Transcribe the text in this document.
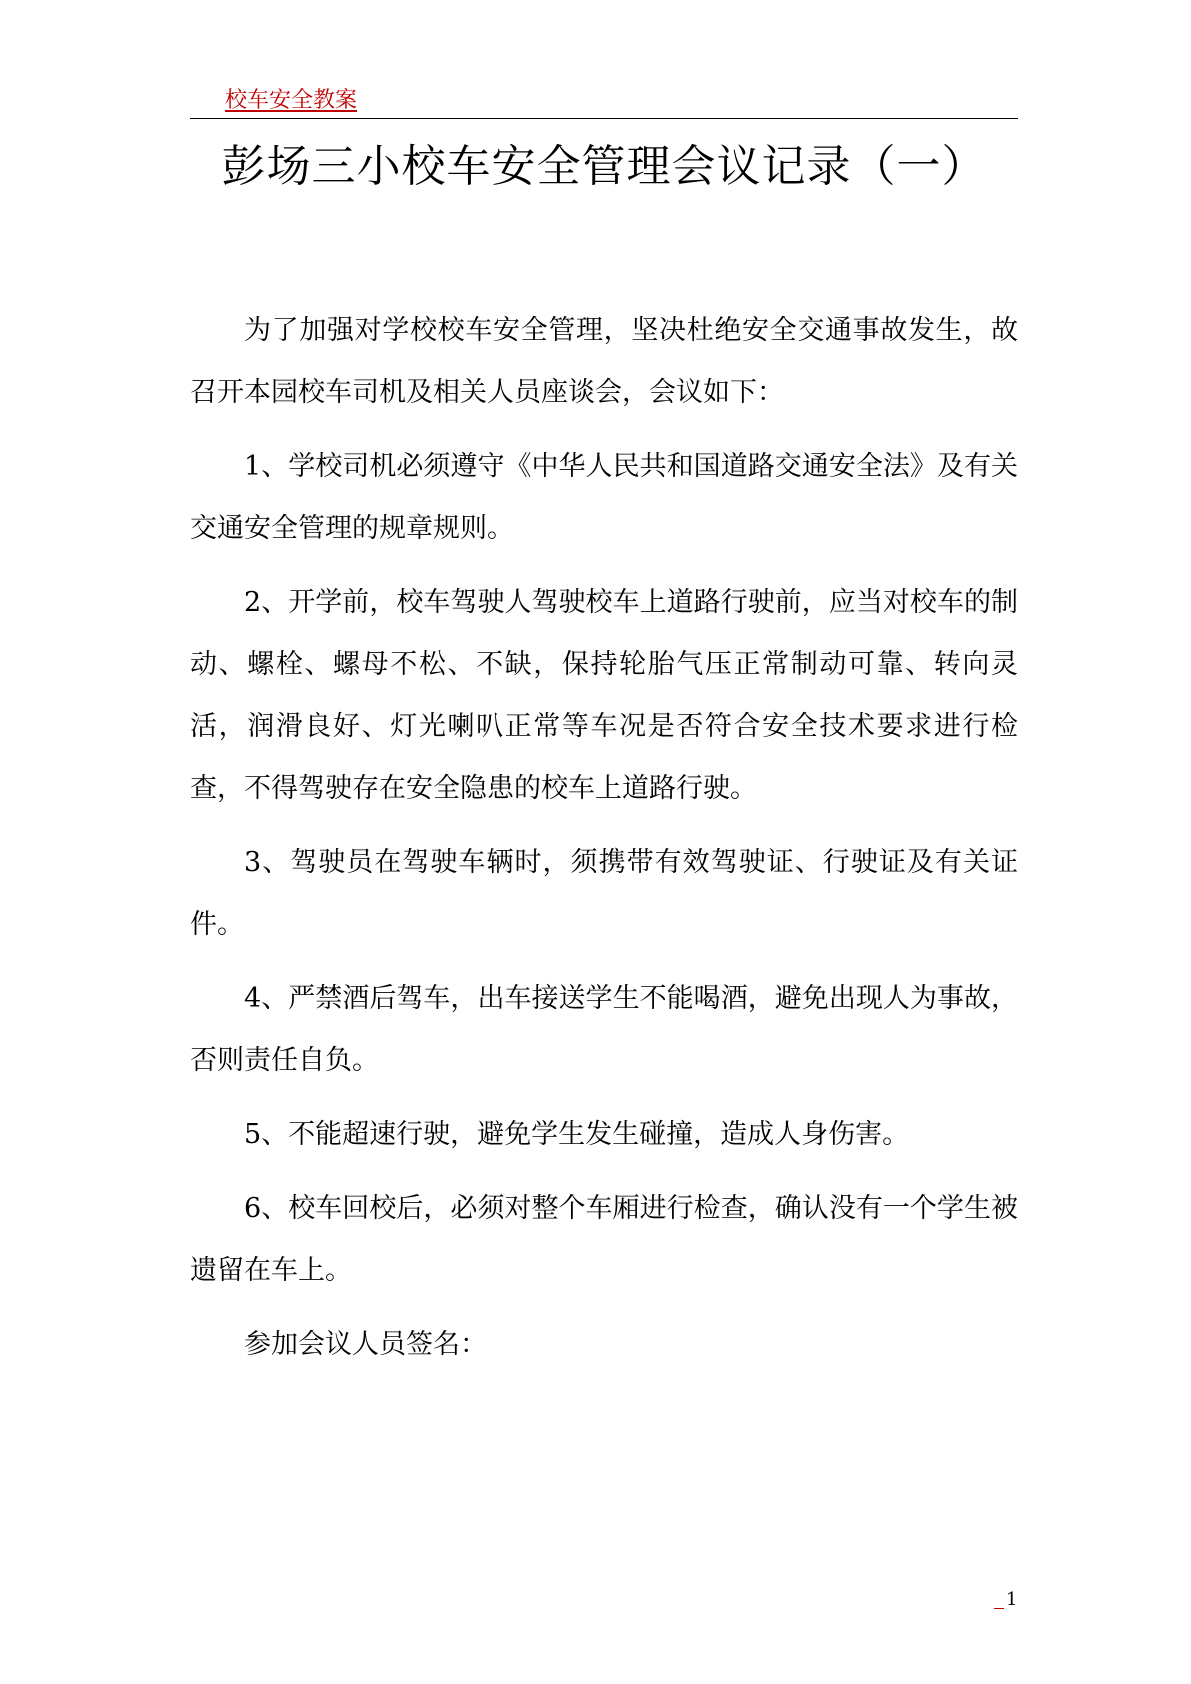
校车安全教案
彭场三小校车安全管理会议记录（一）

为了加强对学校校车安全管理，坚决杜绝安全交通事故发生，故召开本园校车司机及相关人员座谈会，会议如下：

1、学校司机必须遵守《中华人民共和国道路交通安全法》及有关交通安全管理的规章规则。

2、开学前，校车驾驶人驾驶校车上道路行驶前，应当对校车的制动、螺栓、螺母不松、不缺，保持轮胎气压正常制动可靠、转向灵活，润滑良好、灯光喇叭正常等车况是否符合安全技术要求进行检查，不得驾驶存在安全隐患的校车上道路行驶。

3、驾驶员在驾驶车辆时，须携带有效驾驶证、行驶证及有关证件。

4、严禁酒后驾车，出车接送学生不能喝酒，避免出现人为事故，否则责任自负。

5、不能超速行驶，避免学生发生碰撞，造成人身伤害。

6、校车回校后，必须对整个车厢进行检查，确认没有一个学生被遗留在车上。

参加会议人员签名：

1
